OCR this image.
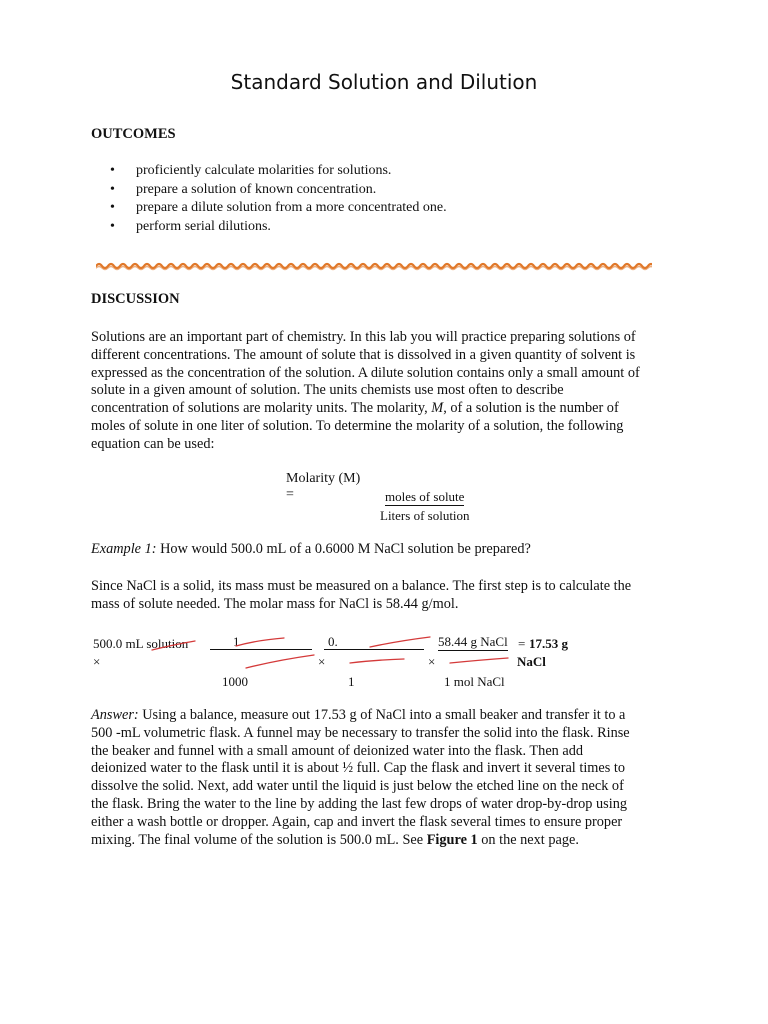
Standard Solution and Dilution
OUTCOMES
• proficiently calculate molarities for solutions.
• prepare a solution of known concentration.
• prepare a dilute solution from a more concentrated one.
• perform serial dilutions.
DISCUSSION
Solutions are an important part of chemistry. In this lab you will practice preparing solutions of
different concentrations. The amount of solute that is dissolved in a given quantity of solvent is
expressed as the concentration of the solution. A dilute solution contains only a small amount of
solute in a given amount of solution. The units chemists use most often to describe
concentration of solutions are molarity units. The molarity, M, of a solution is the number of
moles of solute in one liter of solution. To determine the molarity of a solution, the following
equation can be used:
Molarity (M)
=	moles of solute
Liters of solution
Example 1: How would 500.0 mL of a 0.6000 M NaCl solution be prepared?
Since NaCl is a solid, its mass must be measured on a balance. The first step is to calculate the
mass of solute needed. The molar mass for NaCl is 58.44 g/mol.
500.0 mL solution
×
1
1000
×
0.
1
×
58.44 g NaCl
1 mol NaCl
= 17.53 g
NaCl
Answer: Using a balance, measure out 17.53 g of NaCl into a small beaker and transfer it to a
500 -mL volumetric flask. A funnel may be necessary to transfer the solid into the flask. Rinse
the beaker and funnel with a small amount of deionized water into the flask. Then add
deionized water to the flask until it is about ½ full. Cap the flask and invert it several times to
dissolve the solid. Next, add water until the liquid is just below the etched line on the neck of
the flask. Bring the water to the line by adding the last few drops of water drop-by-drop using
either a wash bottle or dropper. Again, cap and invert the flask several times to ensure proper
mixing. The final volume of the solution is 500.0 mL. See Figure 1 on the next page.
